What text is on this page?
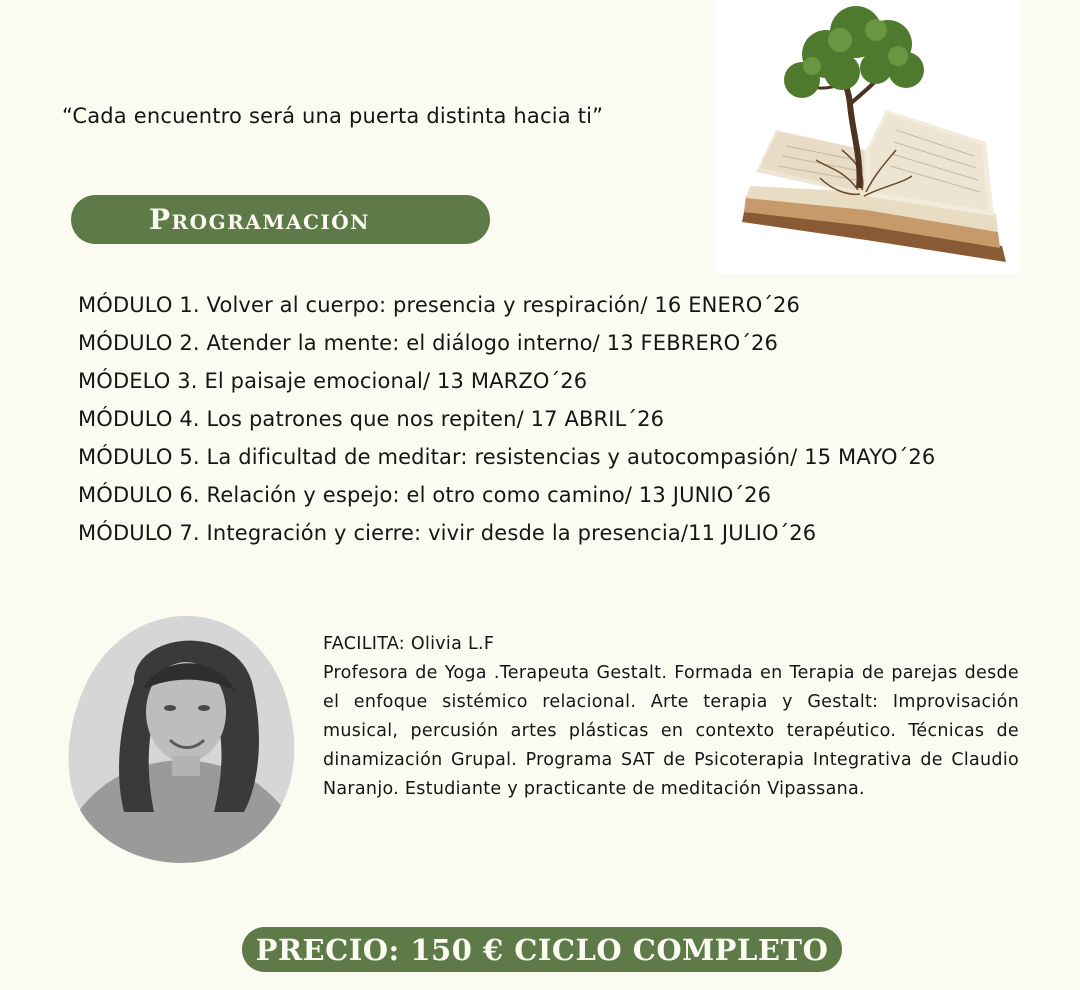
“Cada encuentro será una puerta distinta hacia ti”
Programación
MÓDULO 1. Volver al cuerpo: presencia y respiración/ 16 ENERO´26
MÓDULO 2. Atender la mente: el diálogo interno/ 13 FEBRERO´26
MÓDELO 3. El paisaje emocional/ 13 MARZO´26
MÓDULO 4. Los patrones que nos repiten/ 17 ABRIL´26
MÓDULO 5. La dificultad de meditar: resistencias y autocompasión/ 15 MAYO´26
MÓDULO 6. Relación y espejo: el otro como camino/ 13 JUNIO´26
MÓDULO 7. Integración y cierre: vivir desde la presencia/11 JULIO´26
FACILITA: Olivia L.F
Profesora de Yoga .Terapeuta Gestalt. Formada en Terapia de parejas desde el enfoque sistémico relacional. Arte terapia y Gestalt: Improvisación musical, percusión artes plásticas en contexto terapéutico. Técnicas de dinamización Grupal. Programa SAT de Psicoterapia Integrativa de Claudio Naranjo. Estudiante y practicante de meditación Vipassana.
PRECIO: 150 € CICLO COMPLETO
